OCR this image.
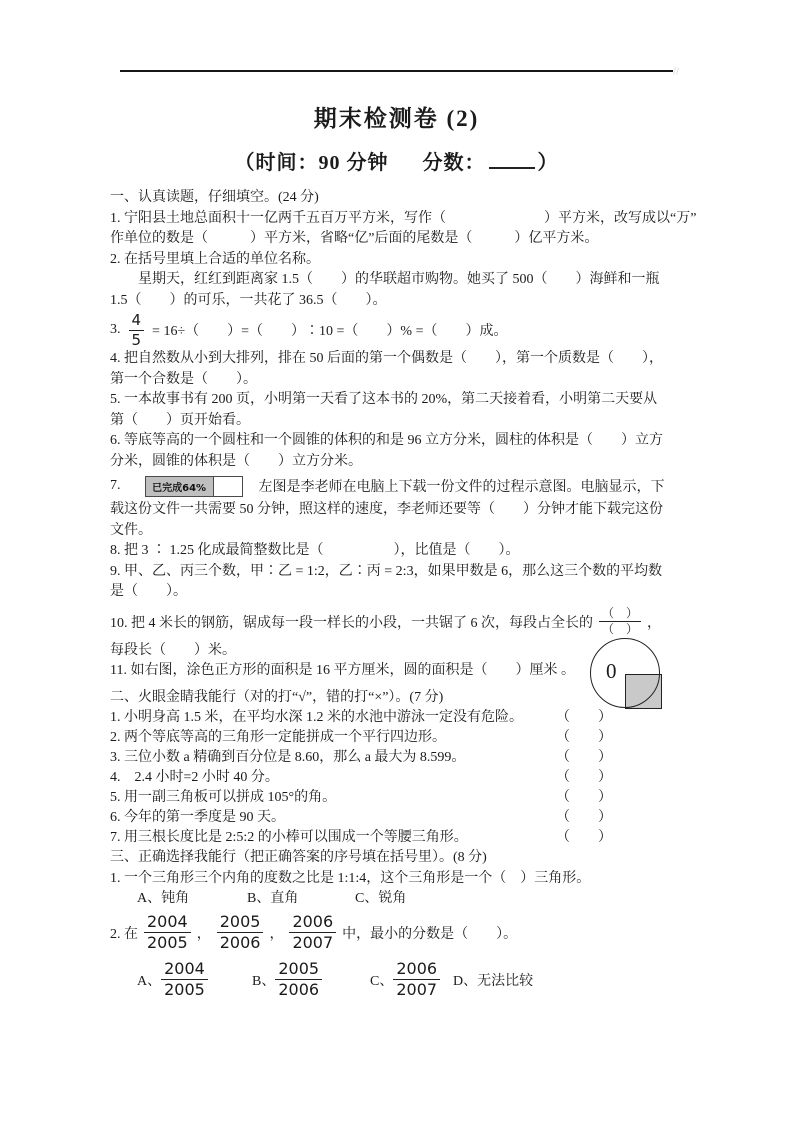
//
期末检测卷 (2)
（时间：90 分钟 分数：	）
一、认真读题，仔细填空。(24 分)
1. 宁阳县土地总面积十一亿两千五百万平方米，写作（　　　　　　　）平方米，改写成以“万”
作单位的数是（　　　）平方米，省略“亿”后面的尾数是（　　　）亿平方米。
2. 在括号里填上合适的单位名称。
　　星期天，红红到距离家 1.5（　　）的华联超市购物。她买了 500（　　）海鲜和一瓶
1.5（　　）的可乐，一共花了 36.5（　　）。
3. $\frac{4}{5} = 16\div$（　　）=（　　）∶10 =（　　）% =（　　）成。
4. 把自然数从小到大排列，排在 50 后面的第一个偶数是（　　），第一个质数是（　　），
第一个合数是（　　）。
5. 一本故事书有 200 页，小明第一天看了这本书的 20%，第二天接着看，小明第二天要从
第（　　）页开始看。
6. 等底等高的一个圆柱和一个圆锥的体积的和是 96 立方分米，圆柱的体积是（　　）立方
分米，圆锥的体积是（　　）立方分米。
7.	已完成64%	左图是李老师在电脑上下载一份文件的过程示意图。电脑显示，下
载这份文件一共需要 50 分钟，照这样的速度，李老师还要等（　　）分钟才能下载完这份
文件。
8. 把 3 ∶ 1.25 化成最简整数比是（　　　　　），比值是（　　）。
9. 甲、乙、丙三个数，甲∶乙 = 1:2，乙∶丙 = 2:3，如果甲数是 6，那么这三个数的平均数
是（　　）。
10. 把 4 米长的钢筋，锯成每一段一样长的小段，一共锯了 6 次，每段占全长的 $\frac{( )}{( )}$ ，
每段长（　　）米。
11. 如右图，涂色正方形的面积是 16 平方厘米，圆的面积是（　　）厘米 。
二、火眼金睛我能行（对的打“√”，错的打“×”）。(7 分)
1. 小明身高 1.5 米，在平均水深 1.2 米的水池中游泳一定没有危险。 （　　）
2. 两个等底等高的三角形一定能拼成一个平行四边形。	（　　）
3. 三位小数 a 精确到百分位是 8.60，那么 a 最大为 8.599。	（　　）
4.　2.4 小时=2 小时 40 分。	（　　）
5. 用一副三角板可以拼成 105°的角。	（　　）
6. 今年的第一季度是 90 天。	（　　）
7. 用三根长度比是 2:5:2 的小棒可以围成一个等腰三角形。	（　　）
三、正确选择我能行（把正确答案的序号填在括号里）。(8 分)
1. 一个三角形三个内角的度数之比是 1:1:4，这个三角形是一个（　）三角形。
A、钝角	B、直角	C、锐角
2. 在 $\frac{2004}{2005}$ ， $\frac{2005}{2006}$ ， $\frac{2006}{2007}$ 中，最小的分数是（　　）。
A、 $\frac{2004}{2005}$	B、 $\frac{2005}{2006}$	C、 $\frac{2006}{2007}$ D、无法比较
0
